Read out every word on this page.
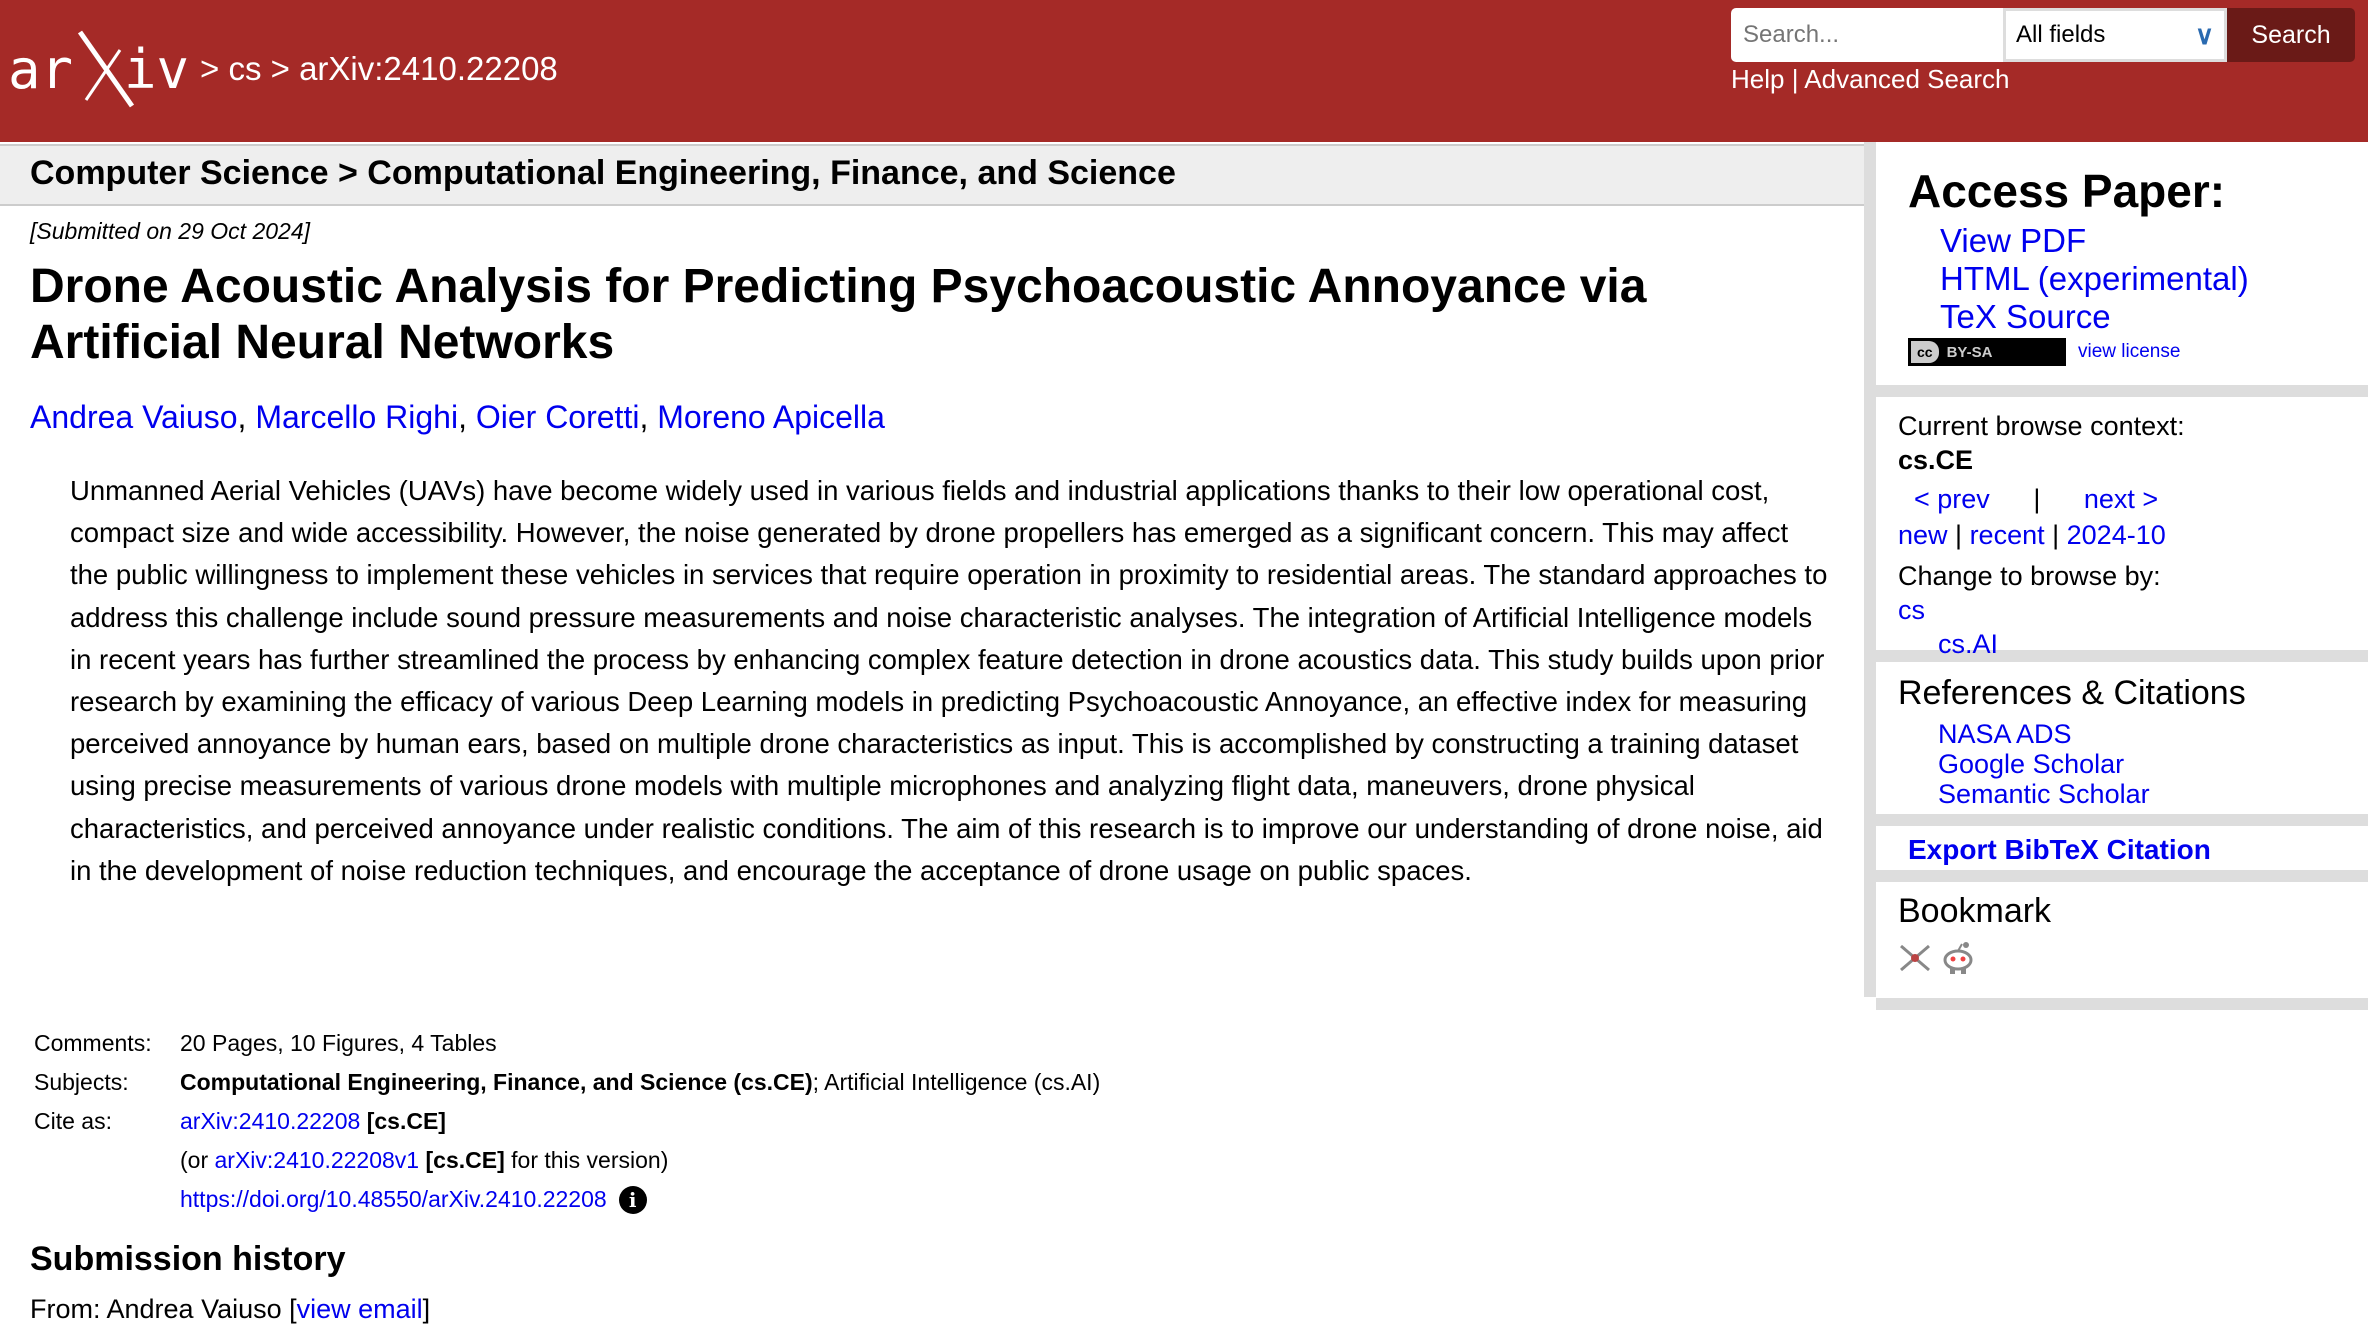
ar iv > cs > arXiv:2410.22208
Search...
All fields	∨	Search
Help | Advanced Search
Computer Science > Computational Engineering, Finance, and Science
[Submitted on 29 Oct 2024]
Drone Acoustic Analysis for Predicting Psychoacoustic Annoyance via Artificial Neural Networks
Andrea Vaiuso, Marcello Righi, Oier Coretti, Moreno Apicella

Unmanned Aerial Vehicles (UAVs) have become widely used in various fields and industrial applications thanks to their low operational cost, compact size and wide accessibility. However, the noise generated by drone propellers has emerged as a significant concern. This may affect the public willingness to implement these vehicles in services that require operation in proximity to residential areas. The standard approaches to address this challenge include sound pressure measurements and noise characteristic analyses. The integration of Artificial Intelligence models in recent years has further streamlined the process by enhancing complex feature detection in drone acoustics data. This study builds upon prior research by examining the efficacy of various Deep Learning models in predicting Psychoacoustic Annoyance, an effective index for measuring perceived annoyance by human ears, based on multiple drone characteristics as input. This is accomplished by constructing a training dataset using precise measurements of various drone models with multiple microphones and analyzing flight data, maneuvers, drone physical characteristics, and perceived annoyance under realistic conditions. The aim of this research is to improve our understanding of drone noise, aid in the development of noise reduction techniques, and encourage the acceptance of drone usage on public spaces.

Comments:	20 Pages, 10 Figures, 4 Tables
Subjects:	Computational Engineering, Finance, and Science (cs.CE); Artificial Intelligence (cs.AI)
Cite as:	arXiv:2410.22208 [cs.CE]
	(or arXiv:2410.22208v1 [cs.CE] for this version)
	https://doi.org/10.48550/arXiv.2410.22208 i
Submission history
From: Andrea Vaiuso [view email]
Access Paper:
View PDF
HTML (experimental)
TeX Source
cc BY-SA	view license
Current browse context:
cs.CE
< prev | next >
new | recent | 2024-10
Change to browse by:
cs
cs.AI
References & Citations
NASA ADS
Google Scholar
Semantic Scholar
Export BibTeX Citation
Bookmark
